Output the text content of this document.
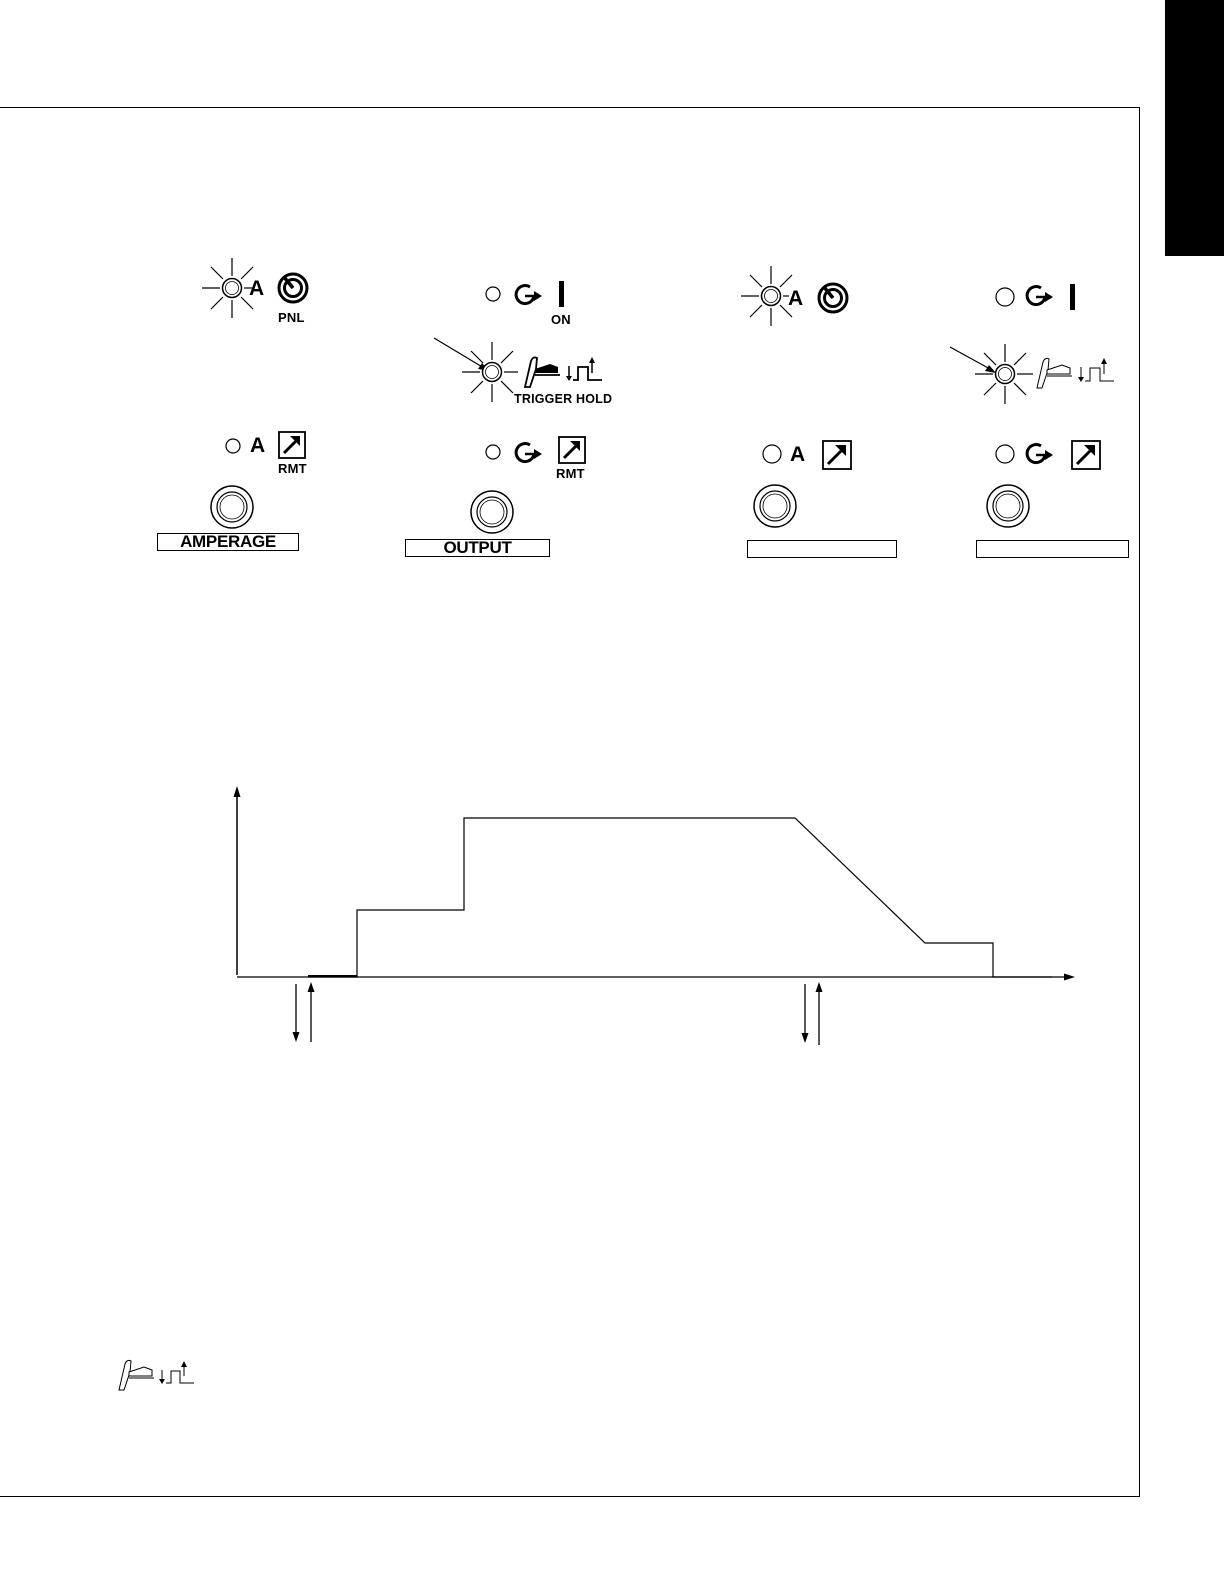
A
PNL
A
RMT
AMPERAGE
ON
TRIGGER HOLD
RMT
OUTPUT
A
A
